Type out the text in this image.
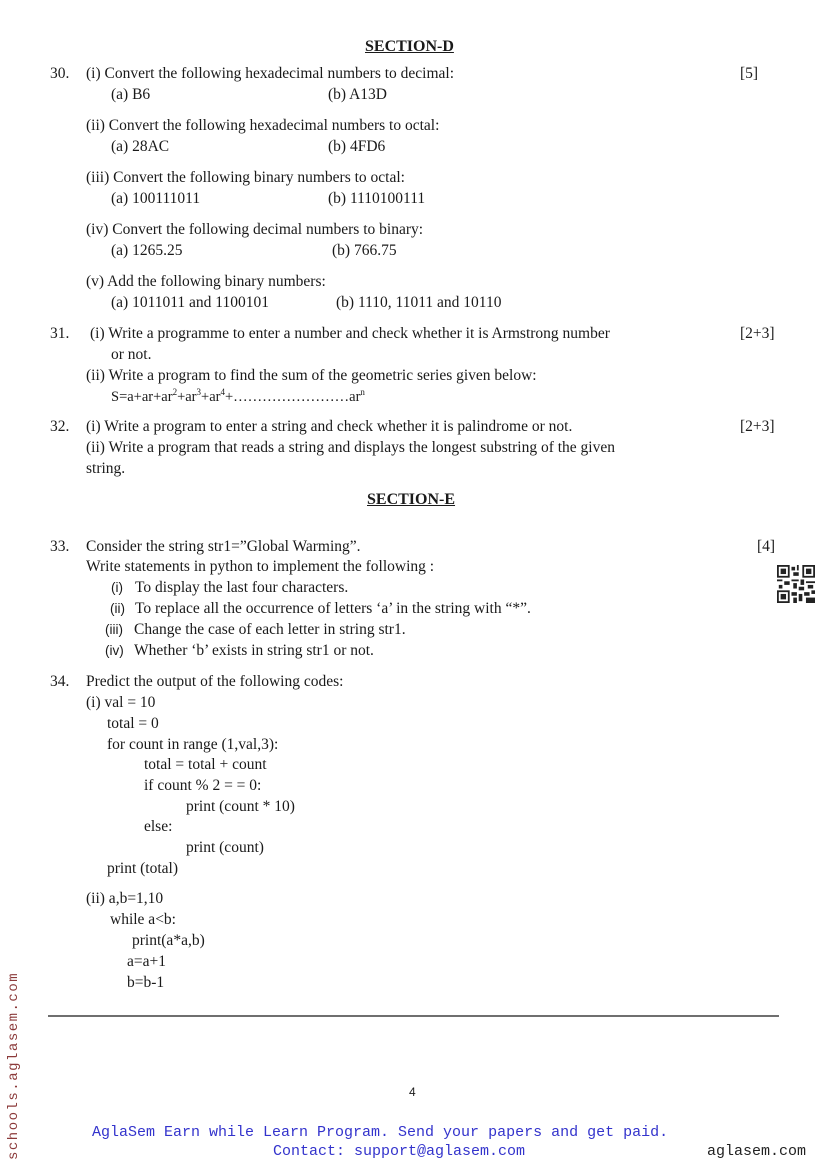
SECTION-D
30.	[5]
(i) Convert the following hexadecimal numbers to decimal:
(a) B6	(b) A13D
(ii) Convert the following hexadecimal numbers to octal:
(a) 28AC	(b) 4FD6
(iii) Convert the following binary numbers to octal:
(a) 100111011	(b) 1110100111
(iv) Convert the following decimal numbers to binary:
(a) 1265.25	(b) 766.75
(v) Add the following binary numbers:
(a) 1011011 and 1100101	(b) 1110, 11011 and 10110
31.	[2+3]
(i) Write a programme to enter a number and check whether it is Armstrong number
or not.
(ii) Write a program to find the sum of the geometric series given below:
$S=a+ar+ar^2+ar^3+ar^4+\dots\dots\dots\dots\dots\dots\dots\dots ar^n$
32.	[2+3]
(i) Write a program to enter a string and check whether it is palindrome or not.
(ii) Write a program that reads a string and displays the longest substring of the given
string.
SECTION-E
33.	[4]
Consider the string str1=”Global Warming”.
Write statements in python to implement the following :
(i) To display the last four characters.
(ii) To replace all the occurrence of letters ‘a’ in the string with “*”.
(iii) Change the case of each letter in string str1.
(iv) Whether ‘b’ exists in string str1 or not.
34. Predict the output of the following codes:
(i) val = 10
total = 0
for count in range (1,val,3):
total = total + count
if count % 2 = = 0:
print (count * 10)
else:
print (count)
print (total)
(ii) a,b=1,10
while a<b:
print(a*a,b)
a=a+1
b=b-1
4
AglaSem Earn while Learn Program. Send your papers and get paid.
Contact: support@aglasem.com	aglasem.com
schools.aglasem.com
